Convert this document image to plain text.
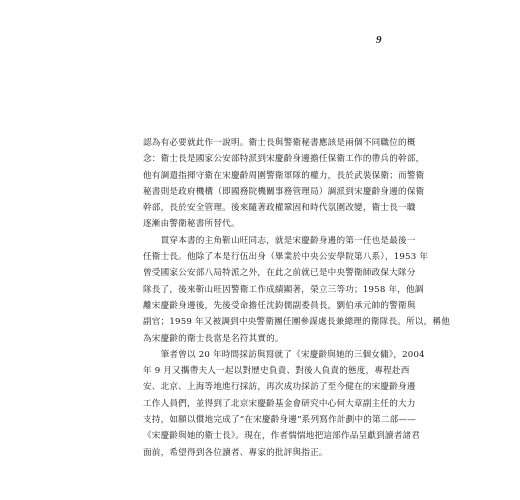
9
認為有必要就此作一說明。衛士長與警衛秘書應該是兩個不同職位的概
念：衛士長是國家公安部特派到宋慶齡身邊擔任保衛工作的帶兵的幹部，
他有調遣指揮守衛在宋慶齡周圍警衛軍隊的權力，長於武裝保衛；而警衛
秘書則是政府機構（即國務院機關事務管理局）調派到宋慶齡身邊的保衛
幹部，長於安全管理。後來隨著政權鞏固和時代氛圍改變，衛士長一職
逐漸由警衛秘書所替代。
　　貫穿本書的主角靳山旺同志，就是宋慶齡身邊的第一任也是最後一
任衛士長。他除了本是行伍出身（畢業於中央公安學院第八系），1953 年
曾受國家公安部八局特派之外，在此之前就已是中央警衛師政保大隊分
隊長了，後來靳山旺因警衛工作成績顯著，榮立三等功；1958 年，他調
離宋慶齡身邊後，先後受命擔任沈鈞儒副委員長，劉伯承元帥的警衛與
副官；1959 年又被調到中央警衛團任團參謀處長兼總理的衛隊長。所以，稱他
為宋慶齡的衛士長當是名符其實的。
　　筆者曾以 20 年時間採訪與寫就了《宋慶齡與她的三個女傭》，2004
年 9 月又攜帶夫人一起以對歷史負責、對後人負責的態度，專程赴西
安、北京、上海等地進行採訪，再次成功採訪了至今健在的宋慶齡身邊
工作人員們，並得到了北京宋慶齡基金會研究中心何大章副主任的大力
支持，如願以償地完成了“在宋慶齡身邊”系列寫作計劃中的第二部——
《宋慶齡與她的衛士長》。現在，作者惴惴地把這部作品呈獻到讀者諸君
面前，希望得到各位讀者、專家的批評與指正。
